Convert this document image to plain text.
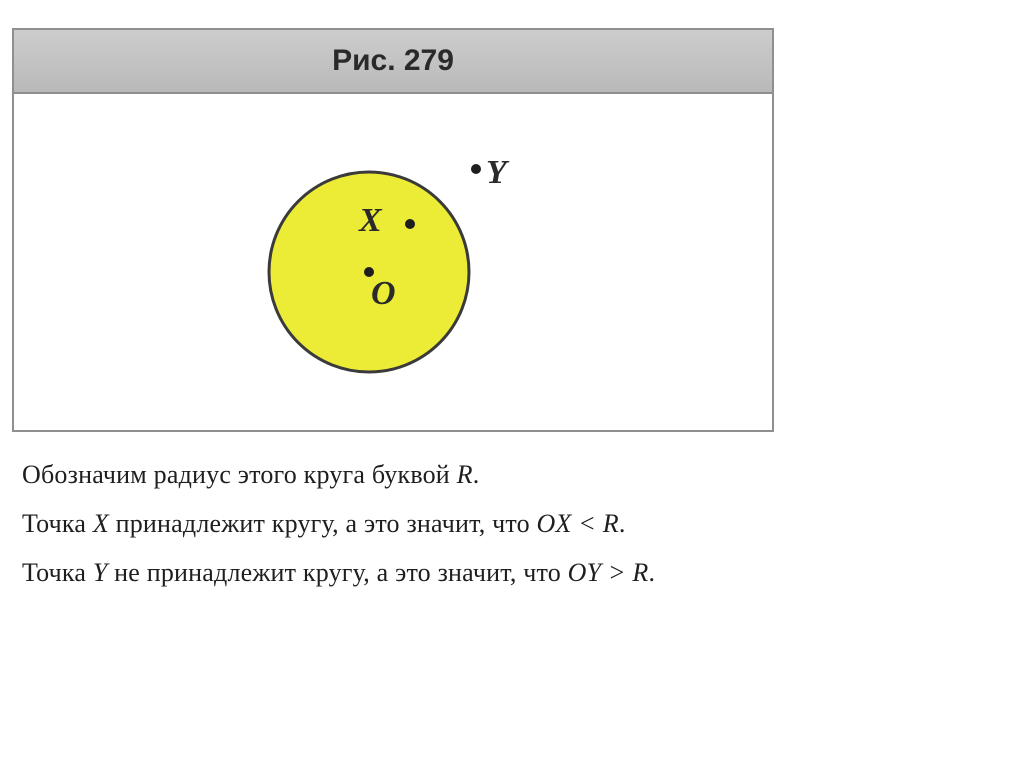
Рис. 279
O
X
Y
Обозначим радиус этого круга буквой R.
Точка X принадлежит кругу, а это значит, что OX < R.
Точка Y не принадлежит кругу, а это значит, что OY > R.
